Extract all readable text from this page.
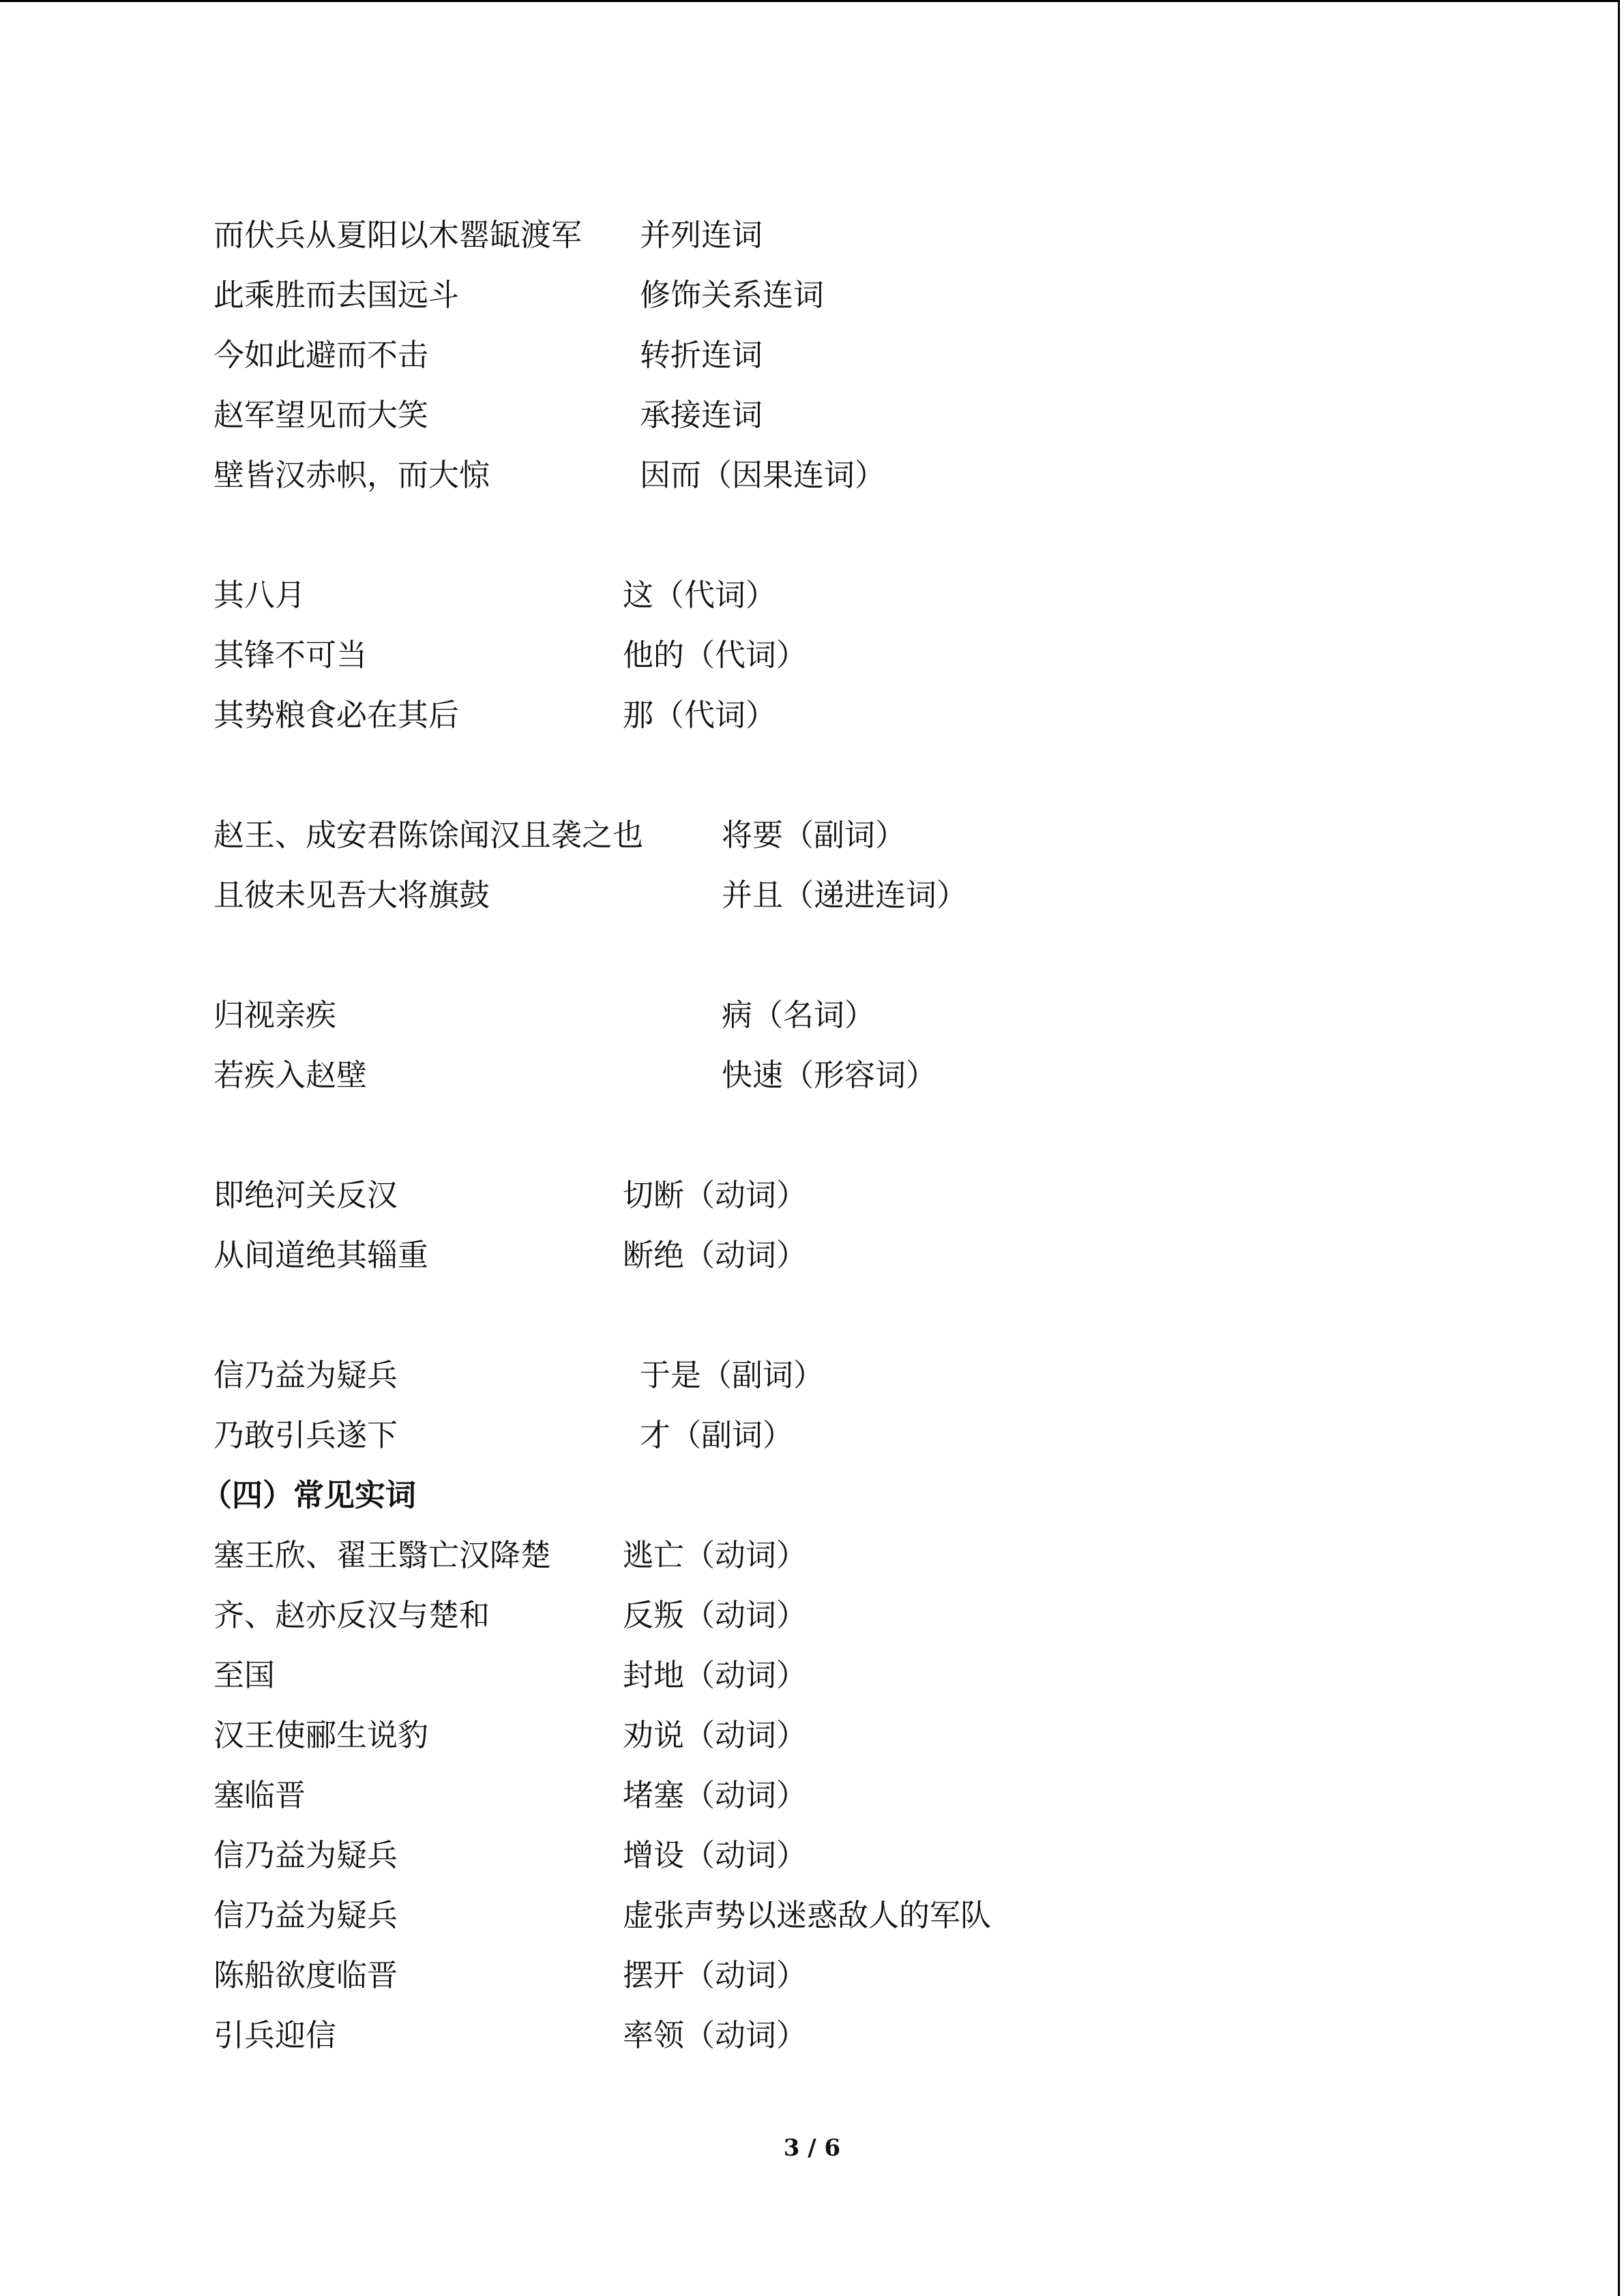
而伏兵从夏阳以木罂缻渡军 并列连词
此乘胜而去国远斗	修饰关系连词
今如此避而不击	转折连词
赵军望见而大笑	承接连词
壁皆汉赤帜，而大惊	因而（因果连词）
其八月	这（代词）
其锋不可当	他的（代词）
其势粮食必在其后	那（代词）
赵王、成安君陈馀闻汉且袭之也	将要（副词）
且彼未见吾大将旗鼓	并且（递进连词）
归视亲疾	病（名词）
若疾入赵壁	快速（形容词）
即绝河关反汉	切断（动词）
从间道绝其辎重	断绝（动词）
信乃益为疑兵	于是（副词）
乃敢引兵遂下	才（副词）
（四）常见实词
塞王欣、翟王翳亡汉降楚 逃亡（动词）
齐、赵亦反汉与楚和	反叛（动词）
至国	封地（动词）
汉王使郦生说豹	劝说（动词）
塞临晋	堵塞（动词）
信乃益为疑兵	增设（动词）
信乃益为疑兵	虚张声势以迷惑敌人的军队
陈船欲度临晋	摆开（动词）
引兵迎信	率领（动词）
3 / 6
